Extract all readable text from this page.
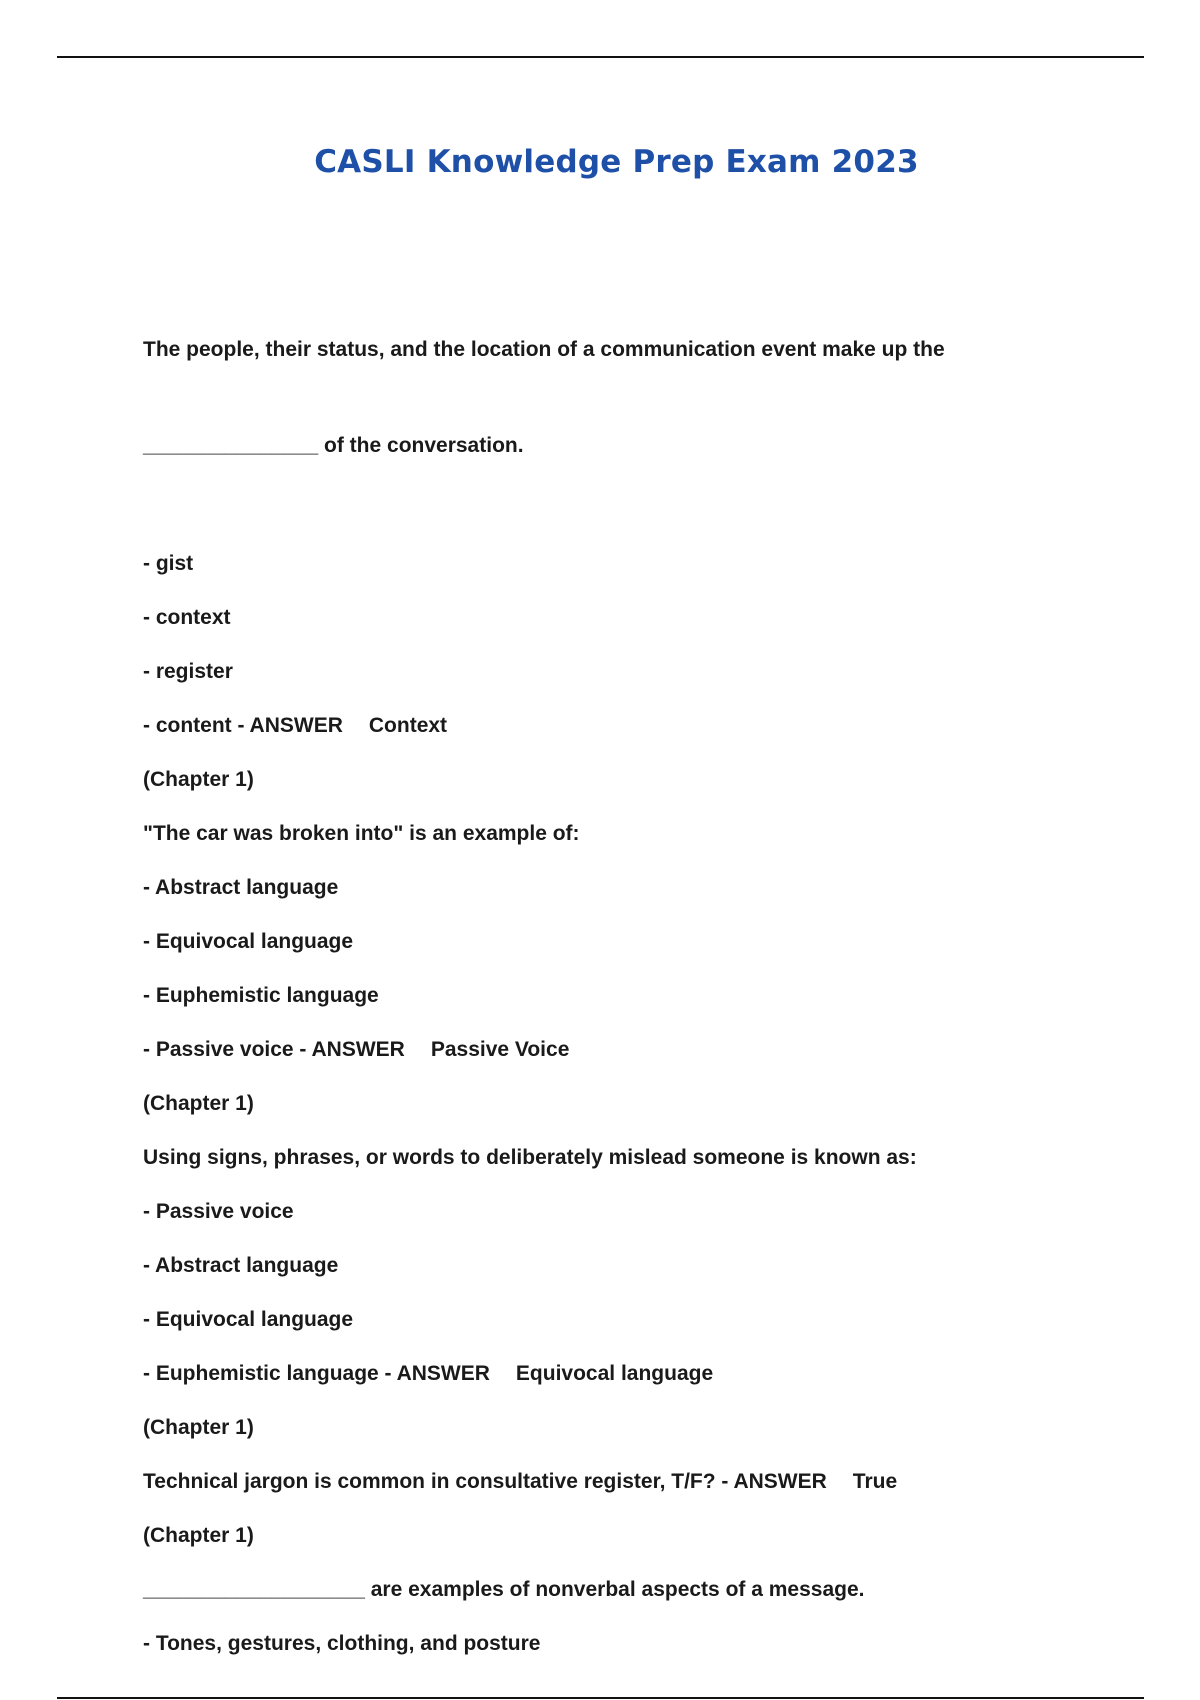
CASLI Knowledge Prep Exam 2023

The people, their status, and the location of a communication event make up the

_______________ of the conversation.

- gist
- context
- register
- content - ANSWER Context
(Chapter 1)
"The car was broken into" is an example of:
- Abstract language
- Equivocal language
- Euphemistic language
- Passive voice - ANSWER Passive Voice
(Chapter 1)
Using signs, phrases, or words to deliberately mislead someone is known as:
- Passive voice
- Abstract language
- Equivocal language
- Euphemistic language - ANSWER Equivocal language
(Chapter 1)
Technical jargon is common in consultative register, T/F? - ANSWER True
(Chapter 1)
___________________ are examples of nonverbal aspects of a message.
- Tones, gestures, clothing, and posture
